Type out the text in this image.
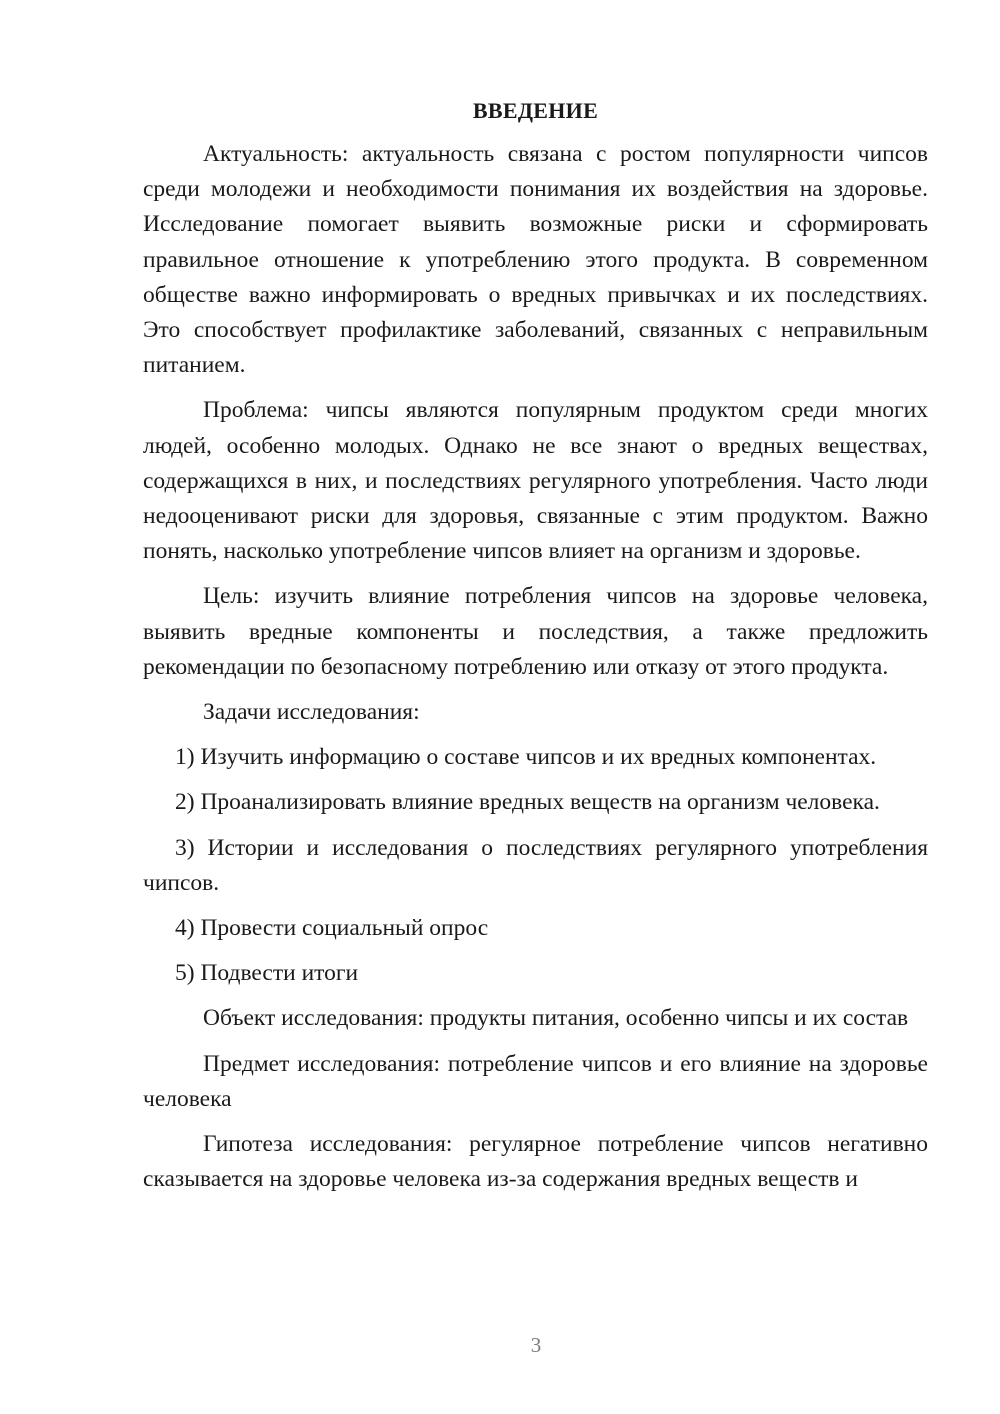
ВВЕДЕНИЕ

Актуальность: актуальность связана с ростом популярности чипсов среди молодежи и необходимости понимания их воздействия на здоровье. Исследование помогает выявить возможные риски и сформировать правильное отношение к употреблению этого продукта. В современном обществе важно информировать о вредных привычках и их последствиях. Это способствует профилактике заболеваний, связанных с неправильным питанием.

Проблема: чипсы являются популярным продуктом среди многих людей, особенно молодых. Однако не все знают о вредных веществах, содержащихся в них, и последствиях регулярного употребления. Часто люди недооценивают риски для здоровья, связанные с этим продуктом. Важно понять, насколько употребление чипсов влияет на организм и здоровье.

Цель: изучить влияние потребления чипсов на здоровье человека, выявить вредные компоненты и последствия, а также предложить рекомендации по безопасному потреблению или отказу от этого продукта.

Задачи исследования:

1) Изучить информацию о составе чипсов и их вредных компонентах.

2) Проанализировать влияние вредных веществ на организм человека.

3) Истории и исследования о последствиях регулярного употребления чипсов.

4) Провести социальный опрос

5) Подвести итоги

Объект исследования: продукты питания, особенно чипсы и их состав

Предмет исследования: потребление чипсов и его влияние на здоровье человека

Гипотеза исследования: регулярное потребление чипсов негативно сказывается на здоровье человека из-за содержания вредных веществ и

3
